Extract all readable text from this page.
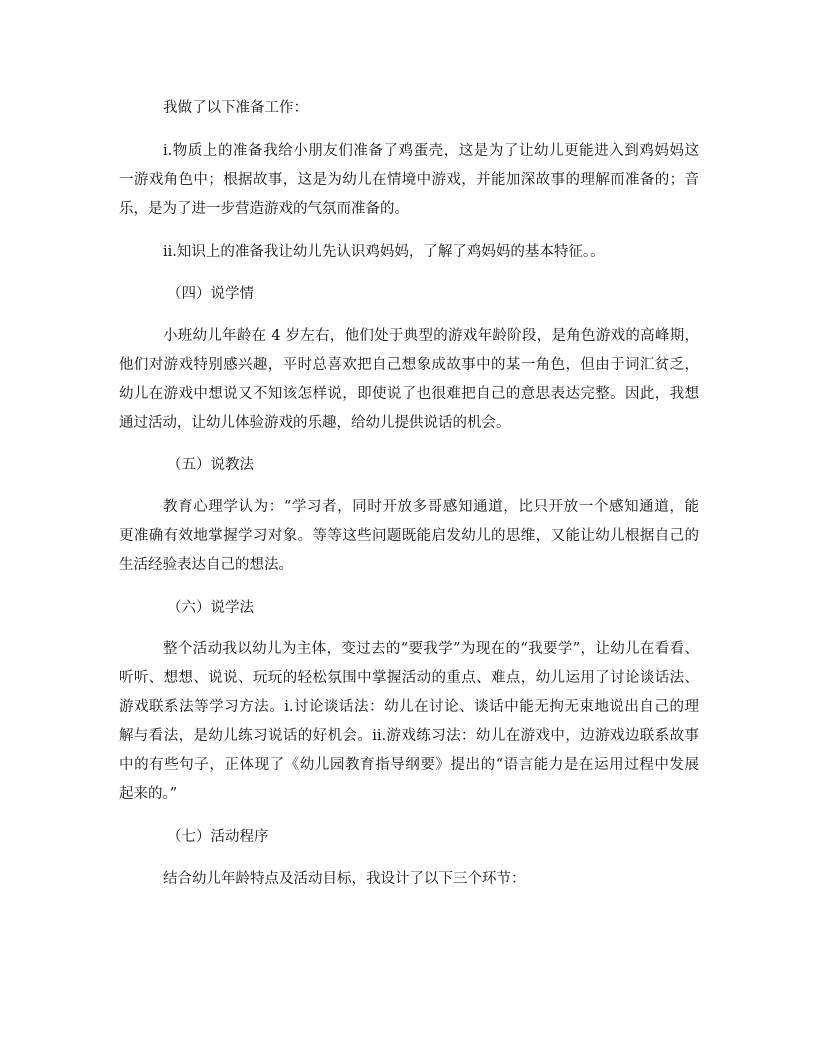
我做了以下准备工作：
i.物质上的准备我给小朋友们准备了鸡蛋壳，这是为了让幼儿更能进入到鸡妈妈这
一游戏角色中；根据故事，这是为幼儿在情境中游戏，并能加深故事的理解而准备的；音
乐，是为了进一步营造游戏的气氛而准备的。
ii.知识上的准备我让幼儿先认识鸡妈妈，了解了鸡妈妈的基本特征。。
（四）说学情
小班幼儿年龄在 4 岁左右，他们处于典型的游戏年龄阶段，是角色游戏的高峰期，
他们对游戏特别感兴趣，平时总喜欢把自己想象成故事中的某一角色，但由于词汇贫乏，
幼儿在游戏中想说又不知该怎样说，即使说了也很难把自己的意思表达完整。因此，我想
通过活动，让幼儿体验游戏的乐趣，给幼儿提供说话的机会。
（五）说教法
教育心理学认为：“学习者，同时开放多哥感知通道，比只开放一个感知通道，能
更准确有效地掌握学习对象。等等这些问题既能启发幼儿的思维，又能让幼儿根据自己的
生活经验表达自己的想法。
（六）说学法
整个活动我以幼儿为主体，变过去的“要我学”为现在的“我要学”，让幼儿在看看、
听听、想想、说说、玩玩的轻松氛围中掌握活动的重点、难点，幼儿运用了讨论谈话法、
游戏联系法等学习方法。i.讨论谈话法：幼儿在讨论、谈话中能无拘无束地说出自己的理
解与看法，是幼儿练习说话的好机会。ii.游戏练习法：幼儿在游戏中，边游戏边联系故事
中的有些句子，正体现了《幼儿园教育指导纲要》提出的“语言能力是在运用过程中发展
起来的。”
（七）活动程序
结合幼儿年龄特点及活动目标，我设计了以下三个环节：
